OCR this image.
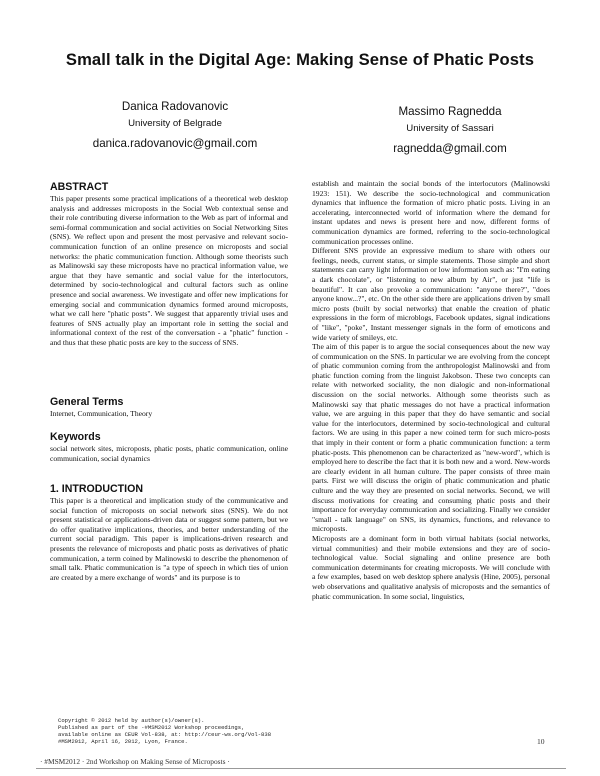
Small talk in the Digital Age: Making Sense of Phatic Posts
Danica Radovanovic
University of Belgrade
danica.radovanovic@gmail.com
Massimo Ragnedda
University of Sassari
ragnedda@gmail.com
ABSTRACT

This paper presents some practical implications of a theoretical web desktop analysis and addresses microposts in the Social Web contextual sense and their role contributing diverse information to the Web as part of informal and semi-formal communication and social activities on Social Networking Sites (SNS). We reflect upon and present the most pervasive and relevant socio-communication function of an online presence on microposts and social networks: the phatic communication function. Although some theorists such as Malinowski say these microposts have no practical information value, we argue that they have semantic and social value for the interlocutors, determined by socio-technological and cultural factors such as online presence and social awareness. We investigate and offer new implications for emerging social and communication dynamics formed around microposts, what we call here "phatic posts". We suggest that apparently trivial uses and features of SNS actually play an important role in setting the social and informational context of the rest of the conversation - a "phatic" function - and thus that these phatic posts are key to the success of SNS.

General Terms

Internet, Communication, Theory

Keywords

social network sites, microposts, phatic posts, phatic communication, online communication, social dynamics

1. INTRODUCTION

This paper is a theoretical and implication study of the communicative and social function of microposts on social network sites (SNS). We do not present statistical or applications-driven data or suggest some pattern, but we do offer qualitative implications, theories, and better understanding of the current social paradigm. This paper is implications-driven research and presents the relevance of microposts and phatic posts as derivatives of phatic communication, a term coined by Malinowski to describe the phenomenon of small talk. Phatic communication is "a type of speech in which ties of union are created by a mere exchange of words" and its purpose is to

establish and maintain the social bonds of the interlocutors (Malinowski 1923: 151). We describe the socio-technological and communication dynamics that influence the formation of micro phatic posts. Living in an accelerating, interconnected world of information where the demand for instant updates and news is present here and now, different forms of communication dynamics are formed, referring to the socio-technological communication processes online.

Different SNS provide an expressive medium to share with others our feelings, needs, current status, or simple statements. Those simple and short statements can carry light information or low information such as: "I'm eating a dark chocolate", or "listening to new album by Air", or just "life is beautiful". It can also provoke a communication: "anyone there?", "does anyone know...?", etc. On the other side there are applications driven by small micro posts (built by social networks) that enable the creation of phatic expressions in the form of microblogs, Facebook updates, signal indications of "like", "poke", Instant messenger signals in the form of emoticons and wide variety of smileys, etc.

The aim of this paper is to argue the social consequences about the new way of communication on the SNS. In particular we are evolving from the concept of phatic communion coming from the anthropologist Malinowski and from phatic function coming from the linguist Jakobson. These two concepts can relate with networked sociality, the non dialogic and non-informational discussion on the social networks. Although some theorists such as Malinowski say that phatic messages do not have a practical information value, we are arguing in this paper that they do have semantic and social value for the interlocutors, determined by socio-technological and cultural factors. We are using in this paper a new coined term for such micro-posts that imply in their content or form a phatic communication function: a term phatic-posts. This phenomenon can be characterized as "new-word", which is employed here to describe the fact that it is both new and a word. New-words are clearly evident in all human culture. The paper consists of three main parts. First we will discuss the origin of phatic communication and phatic culture and the way they are presented on social networks. Second, we will discuss motivations for creating and consuming phatic posts and their importance for everyday communication and socializing. Finally we consider "small - talk language" on SNS, its dynamics, functions, and relevance to microposts.

Microposts are a dominant form in both virtual habitats (social networks, virtual communities) and their mobile extensions and they are of socio-technological value. Social signaling and online presence are both communication determinants for creating microposts. We will conclude with a few examples, based on web desktop sphere analysis (Hine, 2005), personal web observations and qualitative analysis of microposts and the semantics of phatic communication. In some social, linguistics,

Copyright © 2012 held by author(s)/owner(s).
Published as part of the ·#MSM2012 Workshop proceedings,
available online as CEUR Vol-838, at: http://ceur-ws.org/Vol-838
#MSM2012, April 16, 2012, Lyon, France.	10
· #MSM2012 · 2nd Workshop on Making Sense of Microposts ·
